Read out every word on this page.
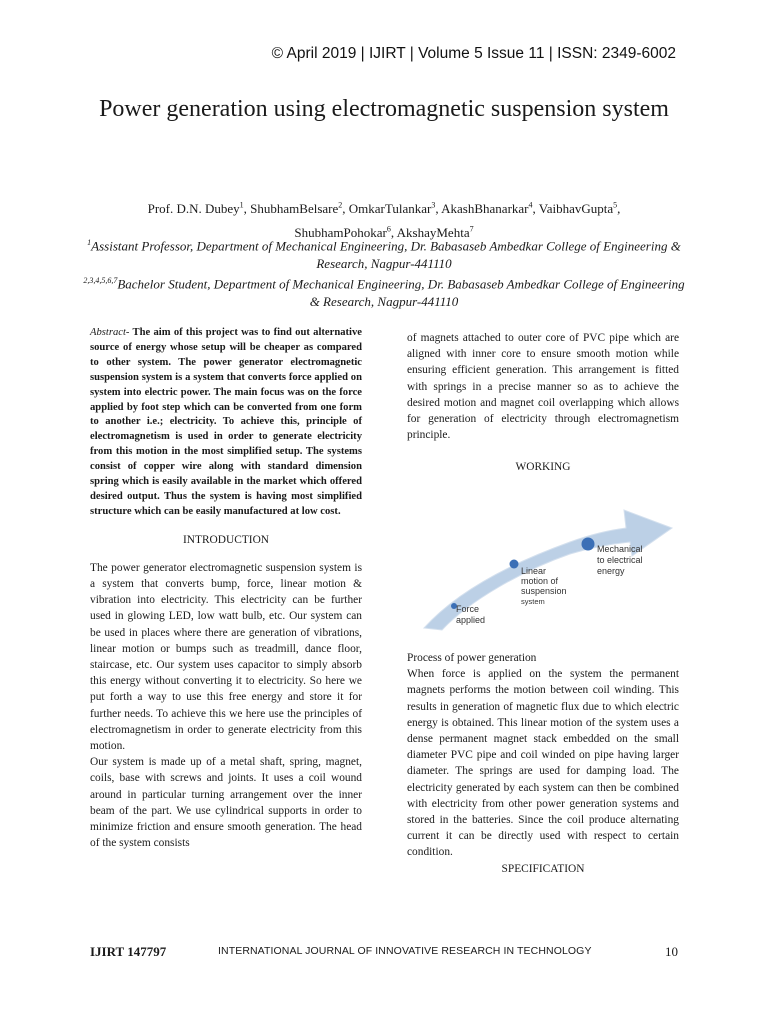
© April 2019 | IJIRT | Volume 5 Issue 11 | ISSN: 2349-6002
Power generation using electromagnetic suspension system
Prof. D.N. Dubey$^1$, ShubhamBelsare$^2$, OmkarTulankar$^3$, AkashBhanarkar$^4$, VaibhavGupta$^5$,
ShubhamPohokar$^6$, AkshayMehta$^7$
$^1$Assistant Professor, Department of Mechanical Engineering, Dr. Babasaseb Ambedkar College of Engineering & Research, Nagpur-441110
$^{2,3,4,5,6,7}$Bachelor Student, Department of Mechanical Engineering, Dr. Babasaseb Ambedkar College of Engineering & Research, Nagpur-441110

Abstract- The aim of this project was to find out alternative source of energy whose setup will be cheaper as compared to other system. The power generator electromagnetic suspension system is a system that converts force applied on system into electric power. The main focus was on the force applied by foot step which can be converted from one form to another i.e.; electricity. To achieve this, principle of electromagnetism is used in order to generate electricity from this motion in the most simplified setup. The systems consist of copper wire along with standard dimension spring which is easily available in the market which offered desired output. Thus the system is having most simplified structure which can be easily manufactured at low cost.

INTRODUCTION

The power generator electromagnetic suspension system is a system that converts bump, force, linear motion & vibration into electricity. This electricity can be further used in glowing LED, low watt bulb, etc. Our system can be used in places where there are generation of vibrations, linear motion or bumps such as treadmill, dance floor, staircase, etc. Our system uses capacitor to simply absorb this energy without converting it to electricity. So here we put forth a way to use this free energy and store it for further needs. To achieve this we here use the principles of electromagnetism in order to generate electricity from this motion.

Our system is made up of a metal shaft, spring, magnet, coils, base with screws and joints. It uses a coil wound around in particular turning arrangement over the inner beam of the part. We use cylindrical supports in order to minimize friction and ensure smooth generation. The head of the system consists

of magnets attached to outer core of PVC pipe which are aligned with inner core to ensure smooth motion while ensuring efficient generation. This arrangement is fitted with springs in a precise manner so as to achieve the desired motion and magnet coil overlapping which allows for generation of electricity through electromagnetism principle.

WORKING

Force applied
Linear motion of suspension system
Mechanical to electrical energy

Process of power generation

When force is applied on the system the permanent magnets performs the motion between coil winding. This results in generation of magnetic flux due to which electric energy is obtained. This linear motion of the system uses a dense permanent magnet stack embedded on the small diameter PVC pipe and coil winded on pipe having larger diameter. The springs are used for damping load. The electricity generated by each system can then be combined with electricity from other power generation systems and stored in the batteries. Since the coil produce alternating current it can be directly used with respect to certain condition.

SPECIFICATION

IJIRT 147797	INTERNATIONAL JOURNAL OF INNOVATIVE RESEARCH IN TECHNOLOGY	10
